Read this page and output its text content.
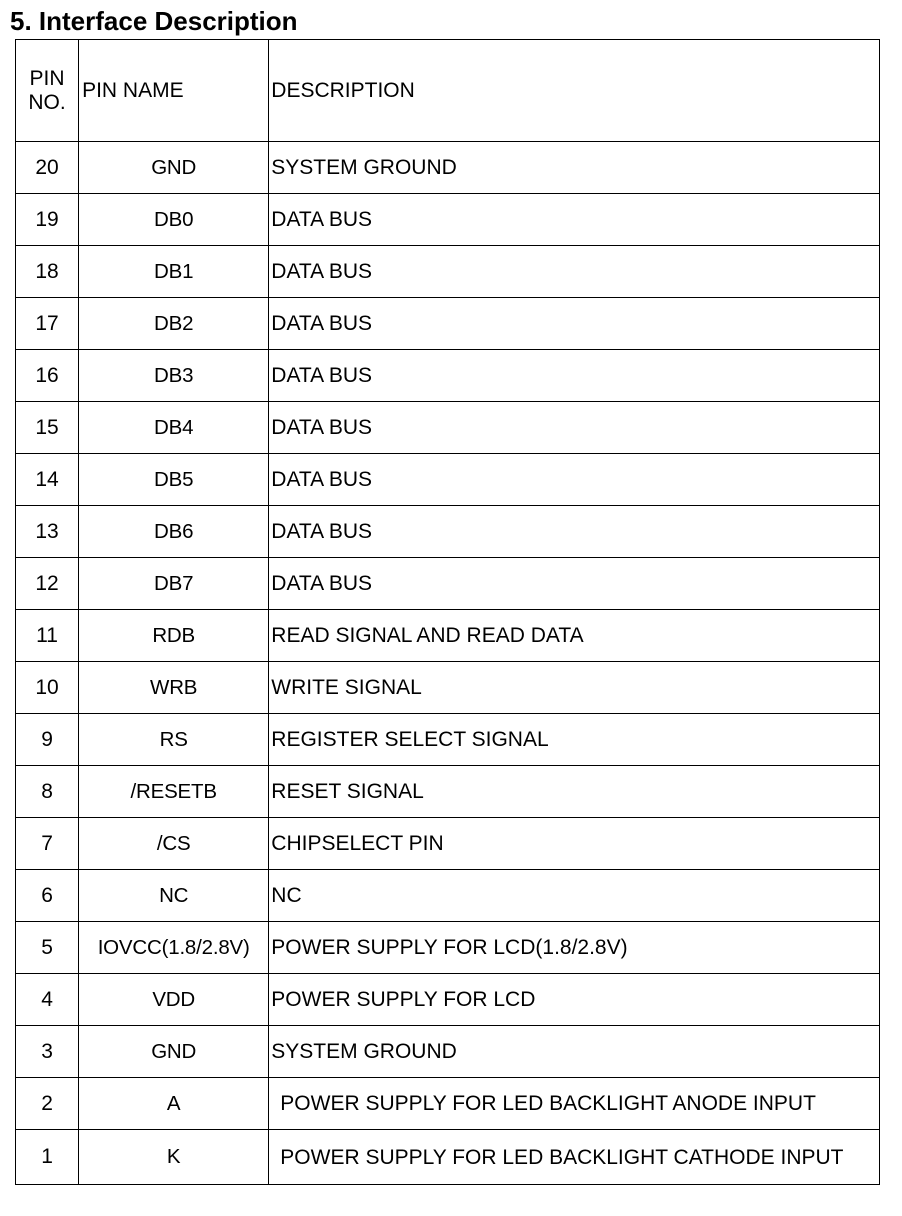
5. Interface Description
PIN
NO.	PIN NAME	DESCRIPTION
20	GND	SYSTEM GROUND
19	DB0	DATA BUS
18	DB1	DATA BUS
17	DB2	DATA BUS
16	DB3	DATA BUS
15	DB4	DATA BUS
14	DB5	DATA BUS
13	DB6	DATA BUS
12	DB7	DATA BUS
11	RDB	READ SIGNAL AND READ DATA
10	WRB	WRITE SIGNAL
9	RS	REGISTER SELECT SIGNAL
8	/RESETB	RESET SIGNAL
7	/CS	CHIPSELECT PIN
6	NC	NC
5	IOVCC(1.8/2.8V)	POWER SUPPLY FOR LCD(1.8/2.8V)
4	VDD	POWER SUPPLY FOR LCD
3	GND	SYSTEM GROUND
2	A	POWER SUPPLY FOR LED BACKLIGHT ANODE INPUT
1	K	POWER SUPPLY FOR LED BACKLIGHT CATHODE INPUT
